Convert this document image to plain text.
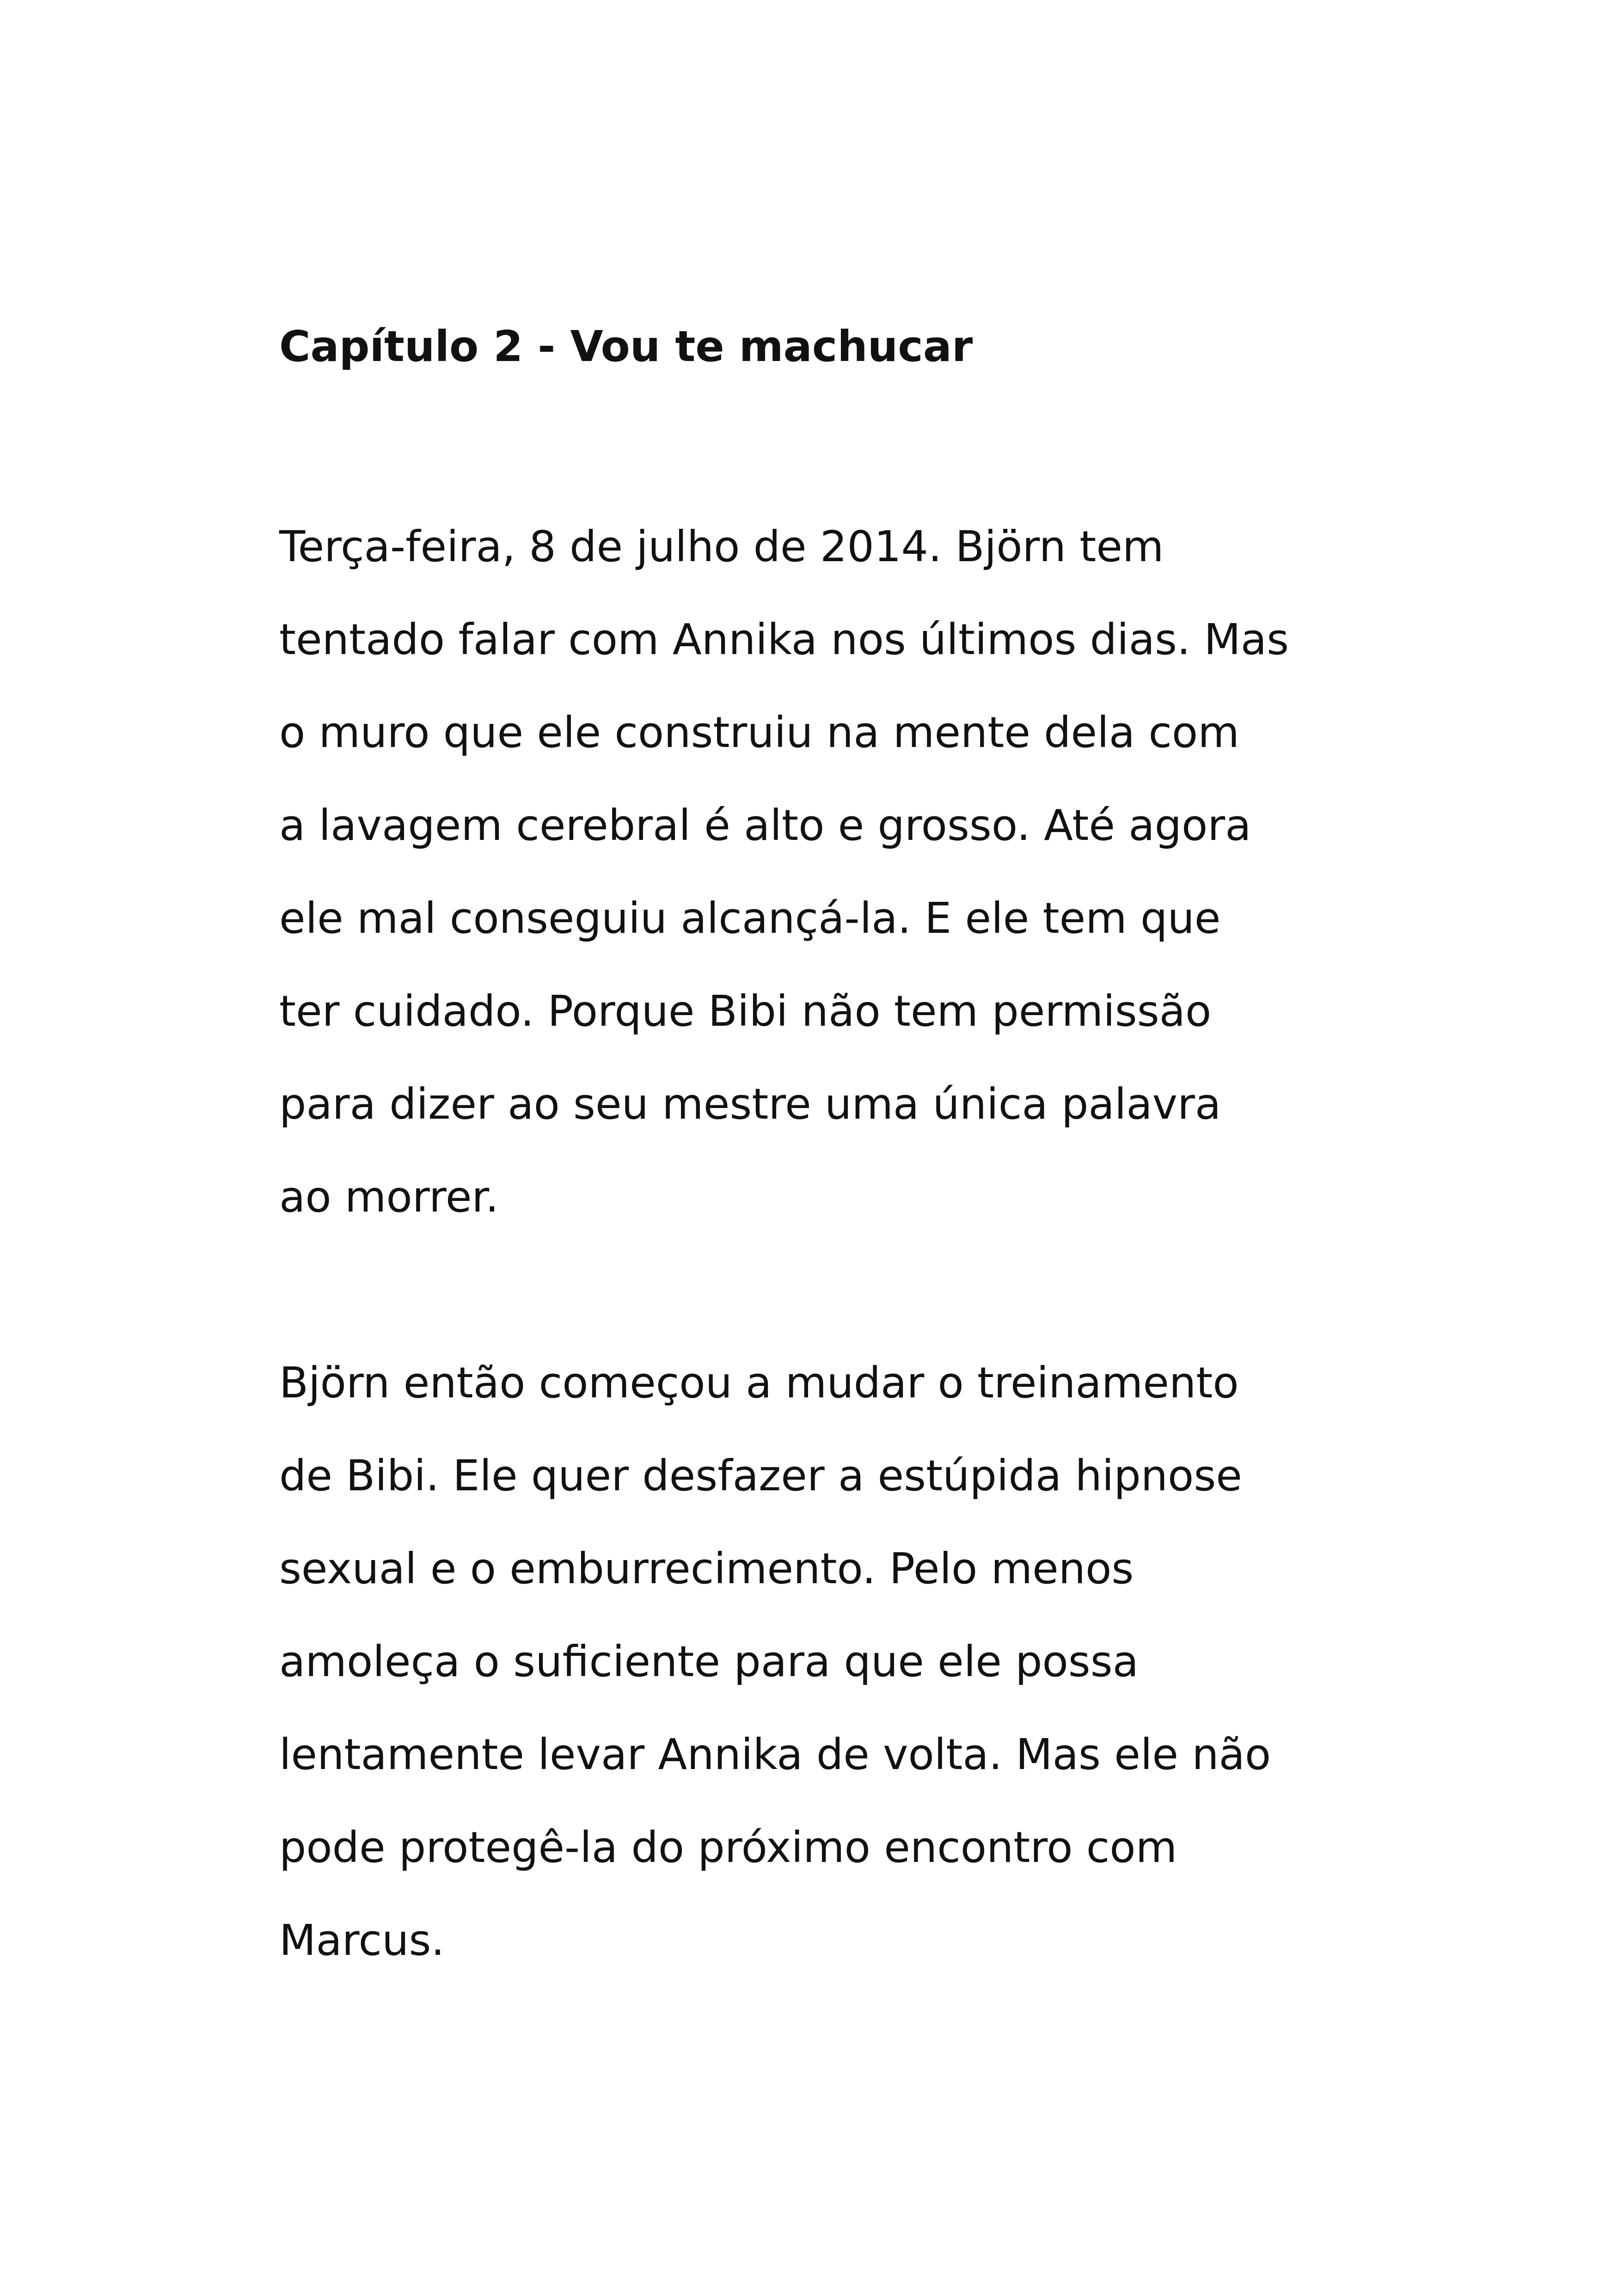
Capítulo 2 - Vou te machucar

Terça-feira, 8 de julho de 2014. Björn tem
tentado falar com Annika nos últimos dias. Mas
o muro que ele construiu na mente dela com
a lavagem cerebral é alto e grosso. Até agora
ele mal conseguiu alcançá-la. E ele tem que
ter cuidado. Porque Bibi não tem permissão
para dizer ao seu mestre uma única palavra
ao morrer.

Björn então começou a mudar o treinamento
de Bibi. Ele quer desfazer a estúpida hipnose
sexual e o emburrecimento. Pelo menos
amoleça o suficiente para que ele possa
lentamente levar Annika de volta. Mas ele não
pode protegê-la do próximo encontro com
Marcus.
